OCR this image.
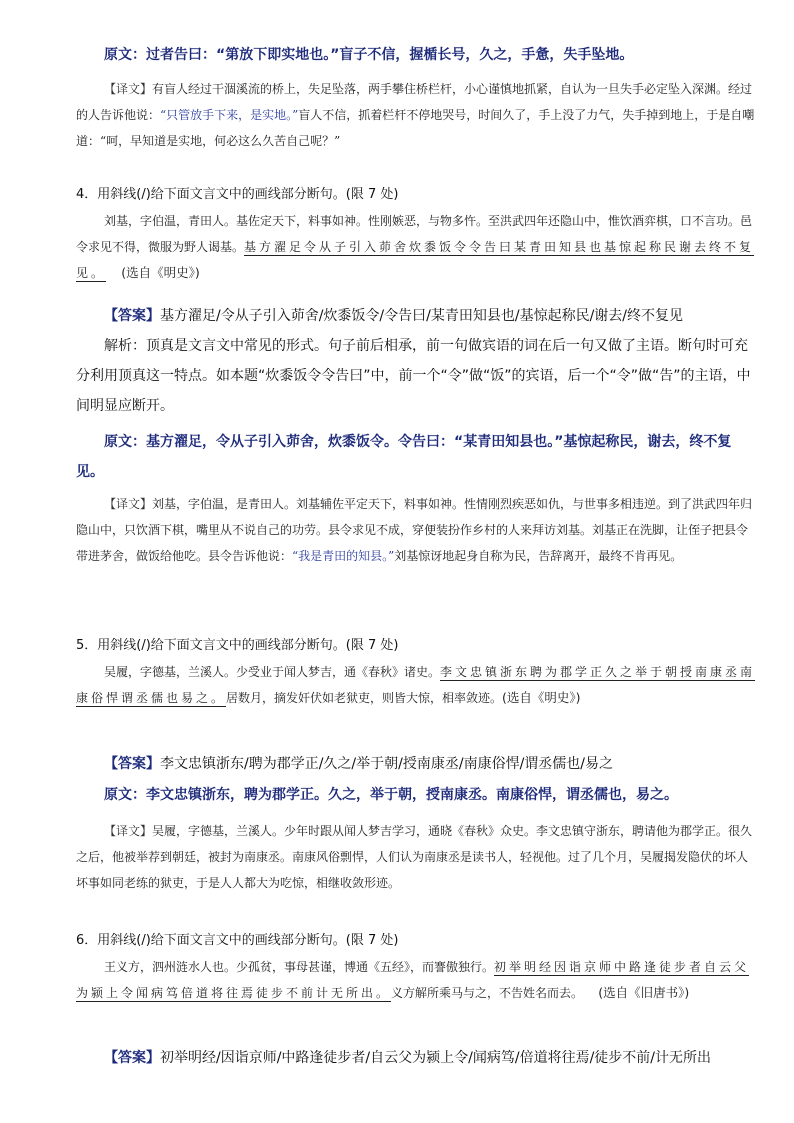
原文：过者告曰：“第放下即实地也。”盲子不信，握楯长号，久之，手惫，失手坠地。

【译文】有盲人经过干涸溪流的桥上，失足坠落，两手攀住桥栏杆，小心谨慎地抓紧，自认为一旦失手必定坠入深渊。经过的人告诉他说：“只管放手下来，是实地。”盲人不信，抓着栏杆不停地哭号，时间久了，手上没了力气，失手掉到地上，于是自嘲道：“呵，早知道是实地，何必这么久苦自己呢？”

4．用斜线(/)给下面文言文中的画线部分断句。(限 7 处)

刘基，字伯温，青田人。基佐定天下，料事如神。性刚嫉恶，与物多忤。至洪武四年还隐山中，惟饮酒弈棋，口不言功。邑令求见不得，微服为野人谒基。基方濯足令从子引入茆舍炊黍饭令令告曰某青田知县也基惊起称民谢去终不复见。 (选自《明史》)

【答案】基方濯足/令从子引入茆舍/炊黍饭令/令告曰/某青田知县也/基惊起称民/谢去/终不复见

解析：顶真是文言文中常见的形式。句子前后相承，前一句做宾语的词在后一句又做了主语。断句时可充分利用顶真这一特点。如本题“炊黍饭令令告曰”中，前一个“令”做“饭”的宾语，后一个“令”做“告”的主语，中间明显应断开。

原文：基方濯足，令从子引入茆舍，炊黍饭令。令告曰：“某青田知县也。”基惊起称民，谢去，终不复见。

【译文】刘基，字伯温，是青田人。刘基辅佐平定天下，料事如神。性情刚烈疾恶如仇，与世事多相违逆。到了洪武四年归隐山中，只饮酒下棋，嘴里从不说自己的功劳。县令求见不成，穿便装扮作乡村的人来拜访刘基。刘基正在洗脚，让侄子把县令带进茅舍，做饭给他吃。县令告诉他说：“我是青田的知县。”刘基惊讶地起身自称为民，告辞离开，最终不肯再见。

5．用斜线(/)给下面文言文中的画线部分断句。(限 7 处)

吴履，字德基，兰溪人。少受业于闻人梦吉，通《春秋》诸史。李文忠镇浙东聘为郡学正久之举于朝授南康丞南康俗悍谓丞儒也易之。居数月，摘发奸伏如老狱吏，则皆大惊，相率敛迹。(选自《明史》)

【答案】李文忠镇浙东/聘为郡学正/久之/举于朝/授南康丞/南康俗悍/谓丞儒也/易之

原文：李文忠镇浙东，聘为郡学正。久之，举于朝，授南康丞。南康俗悍，谓丞儒也，易之。

【译文】吴履，字德基，兰溪人。少年时跟从闻人梦吉学习，通晓《春秋》众史。李文忠镇守浙东，聘请他为郡学正。很久之后，他被举荐到朝廷，被封为南康丞。南康风俗剽悍，人们认为南康丞是读书人，轻视他。过了几个月，吴履揭发隐伏的坏人坏事如同老练的狱吏，于是人人都大为吃惊，相继收敛形迹。

6．用斜线(/)给下面文言文中的画线部分断句。(限 7 处)

王义方，泗州涟水人也。少孤贫，事母甚谨，博通《五经》，而謇傲独行。初举明经因诣京师中路逢徒步者自云父为颍上令闻病笃倍道将往焉徒步不前计无所出。义方解所乘马与之，不告姓名而去。 (选自《旧唐书》)

【答案】初举明经/因诣京师/中路逢徒步者/自云父为颍上令/闻病笃/倍道将往焉/徒步不前/计无所出
